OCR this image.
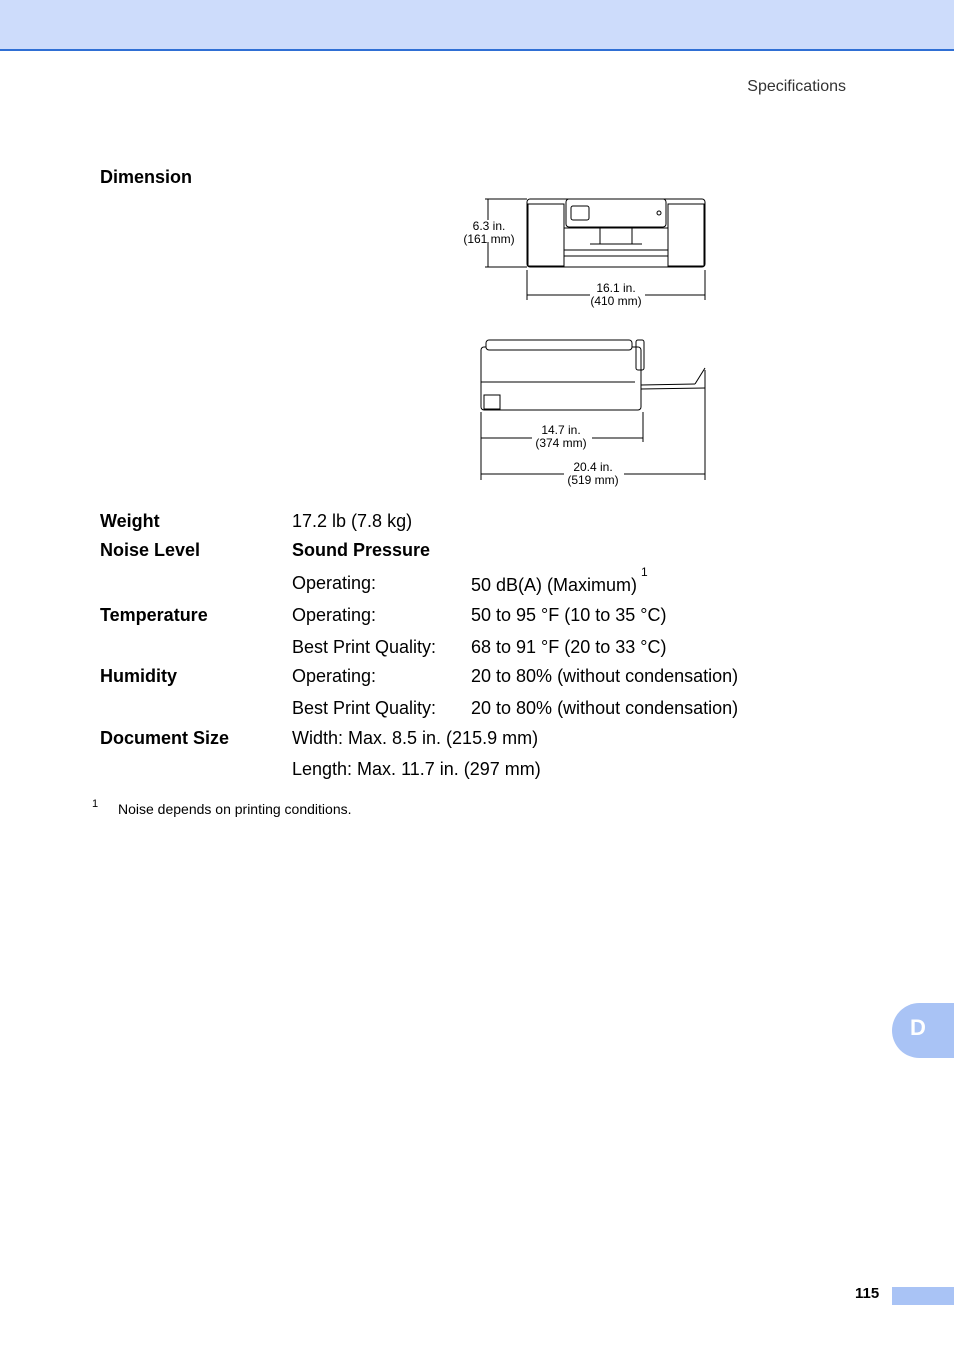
Specifications
Dimension
6.3 in.
(161 mm)
16.1 in.
(410 mm)
14.7 in.
(374 mm)
20.4 in.
(519 mm)
Weight	17.2 lb (7.8 kg)
Noise Level	Sound Pressure
Operating:	50 dB(A) (Maximum)$^1$
Temperature	Operating:	50 to 95 °F (10 to 35 °C)
Best Print Quality: 68 to 91 °F (20 to 33 °C)
Humidity	Operating:	20 to 80% (without condensation)
Best Print Quality: 20 to 80% (without condensation)
Document Size	Width: Max. 8.5 in. (215.9 mm)
Length: Max. 11.7 in. (297 mm)
1 Noise depends on printing conditions.
D
115
